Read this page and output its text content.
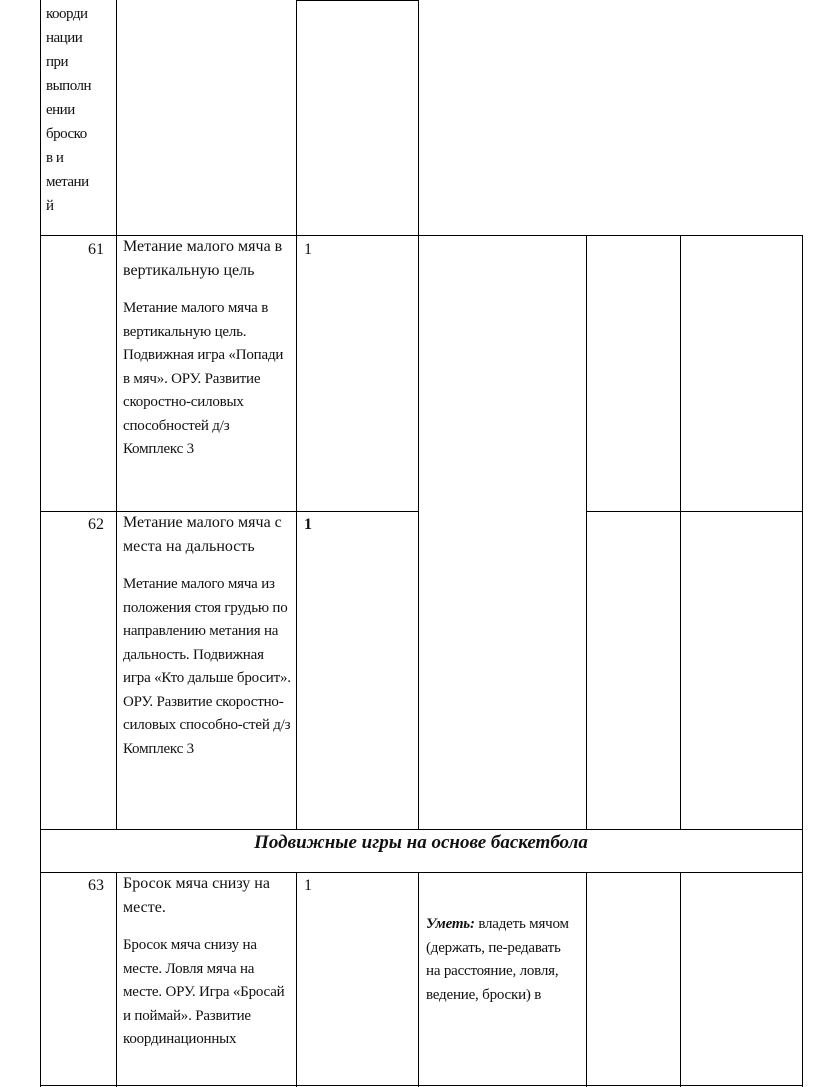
коорди
нации
при
выполн
ении
броско
в и
метани
й
61 Метание малого мяча в вертикальную цель
Метание малого мяча в вертикальную цель. Подвижная игра «Попади в мяч». ОРУ. Развитие скоростно-силовых способностей д/з Комплекс 3
1
62 Метание малого мяча с места на дальность
Метание малого мяча из положения стоя грудью по направлению метания на дальность. Подвижная игра «Кто дальше бросит». ОРУ. Развитие скоростно-силовых способно-стей д/з Комплекс 3
1
Подвижные игры на основе баскетбола
63 Бросок мяча снизу на месте.
Бросок мяча снизу на месте. Ловля мяча на месте. ОРУ. Игра «Бросай и поймай». Развитие координационных
1
Уметь: владеть мячом (держать, пе-редавать на расстояние, ловля, ведение, броски) в
